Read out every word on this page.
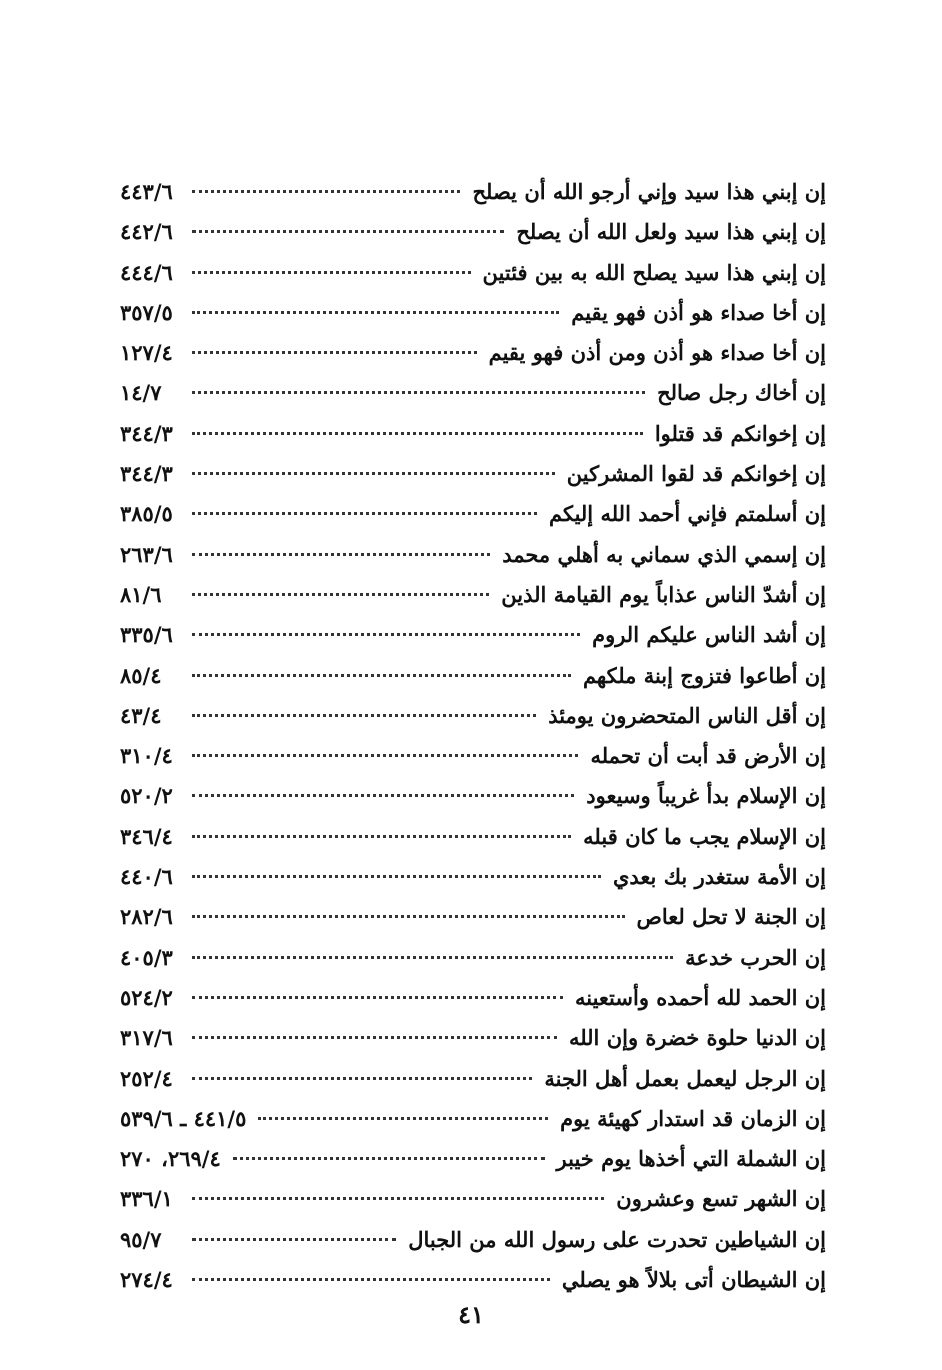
إن إبني هذا سيد وإني أرجو الله أن يصلح
٤٤٣/٦
إن إبني هذا سيد ولعل الله أن يصلح
٤٤٢/٦
إن إبني هذا سيد يصلح الله به بين فئتين
٤٤٤/٦
إن أخا صداء هو أذن فهو يقيم
٣٥٧/٥
إن أخا صداء هو أذن ومن أذن فهو يقيم
١٢٧/٤
إن أخاك رجل صالح
١٤/٧
إن إخوانكم قد قتلوا
٣٤٤/٣
إن إخوانكم قد لقوا المشركين
٣٤٤/٣
إن أسلمتم فإني أحمد الله إليكم
٣٨٥/٥
إن إسمي الذي سماني به أهلي محمد
٢٦٣/٦
إن أشدّ الناس عذاباً يوم القيامة الذين
٨١/٦
إن أشد الناس عليكم الروم
٣٣٥/٦
إن أطاعوا فتزوج إبنة ملكهم
٨٥/٤
إن أقل الناس المتحضرون يومئذ
٤٣/٤
إن الأرض قد أبت أن تحمله
٣١٠/٤
إن الإسلام بدأ غريباً وسيعود
٥٢٠/٢
إن الإسلام يجب ما كان قبله
٣٤٦/٤
إن الأمة ستغدر بك بعدي
٤٤٠/٦
إن الجنة لا تحل لعاص
٢٨٢/٦
إن الحرب خدعة
٤٠٥/٣
إن الحمد لله أحمده وأستعينه
٥٢٤/٢
إن الدنيا حلوة خضرة وإن الله
٣١٧/٦
إن الرجل ليعمل بعمل أهل الجنة
٢٥٢/٤
إن الزمان قد استدار كهيئة يوم
٤٤١/٥ ـ ٥٣٩/٦
إن الشملة التي أخذها يوم خيبر
٢٦٩/٤، ٢٧٠
إن الشهر تسع وعشرون
٣٣٦/١
إن الشياطين تحدرت على رسول الله من الجبال
٩٥/٧
إن الشيطان أتى بلالاً هو يصلي
٢٧٤/٤
٤١
